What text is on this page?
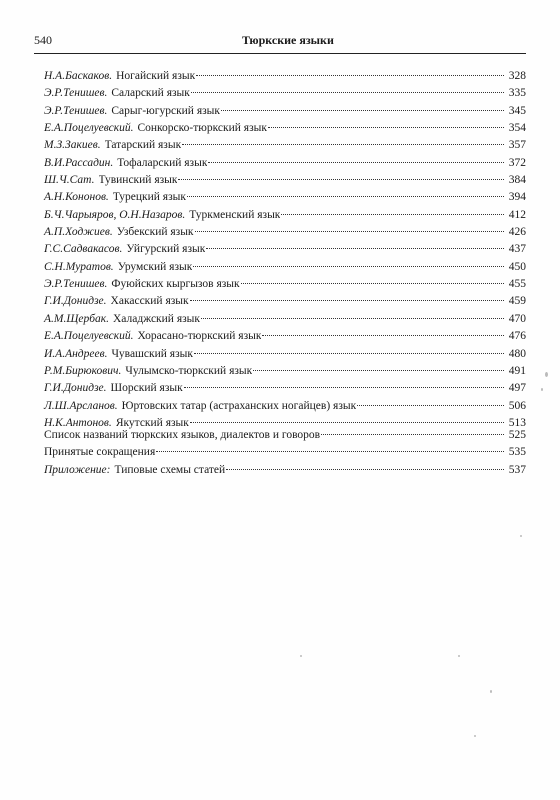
540	Тюркские языки
Н.А.Баскаков. Ногайский язык	328
Э.Р.Тенишев. Саларский язык	335
Э.Р.Тенишев. Сарыг-югурский язык	345
Е.А.Поцелуевский. Сонкорско-тюркский язык	354
М.З.Закиев. Татарский язык	357
В.И.Рассадин. Тофаларский язык	372
Ш.Ч.Сат. Тувинский язык	384
А.Н.Кононов. Турецкий язык	394
Б.Ч.Чарыяров, О.Н.Назаров. Туркменский язык	412
А.П.Ходжиев. Узбекский язык	426
Г.С.Садвакасов. Уйгурский язык	437
С.Н.Муратов. Урумский язык	450
Э.Р.Тенишев. Фуюйских кыргызов язык	455
Г.И.Донидзе. Хакасский язык	459
А.М.Щербак. Халаджский язык	470
Е.А.Поцелуевский. Хорасано-тюркский язык	476
И.А.Андреев. Чувашский язык	480
Р.М.Бирюкович. Чулымско-тюркский язык	491
Г.И.Донидзе. Шорский язык	497
Л.Ш.Арсланов. Юртовских татар (астраханских ногайцев) язык	506
Н.К.Антонов. Якутский язык	513
Список названий тюркских языков, диалектов и говоров	525
Принятые сокращения	535
Приложение: Типовые схемы статей	537
